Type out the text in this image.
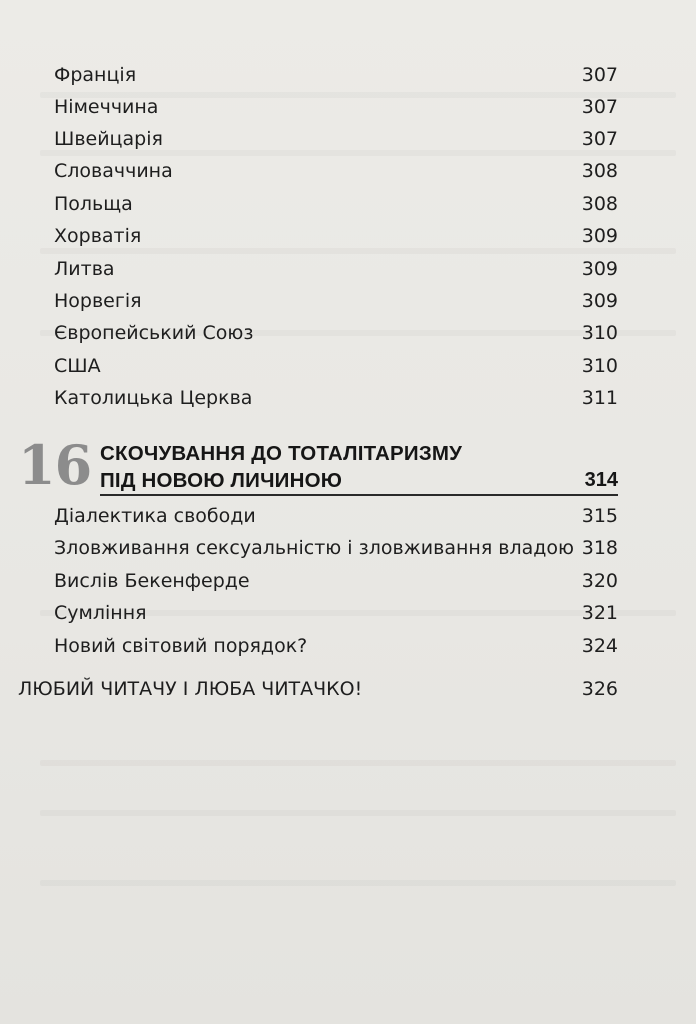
Франція	307
Німеччина	307
Швейцарія	307
Словаччина	308
Польща	308
Хорватія	309
Литва	309
Норвегія	309
Європейський Союз	310
США	310
Католицька Церква	311
16 СКОЧУВАННЯ ДО ТОТАЛІТАРИЗМУ
ПІД НОВОЮ ЛИЧИНОЮ	314
Діалектика свободи	315
Зловживання сексуальністю і зловживання владою 318
Вислів Бекенферде	320
Сумління	321
Новий світовий порядок?	324
ЛЮБИЙ ЧИТАЧУ І ЛЮБА ЧИТАЧКО!	326
